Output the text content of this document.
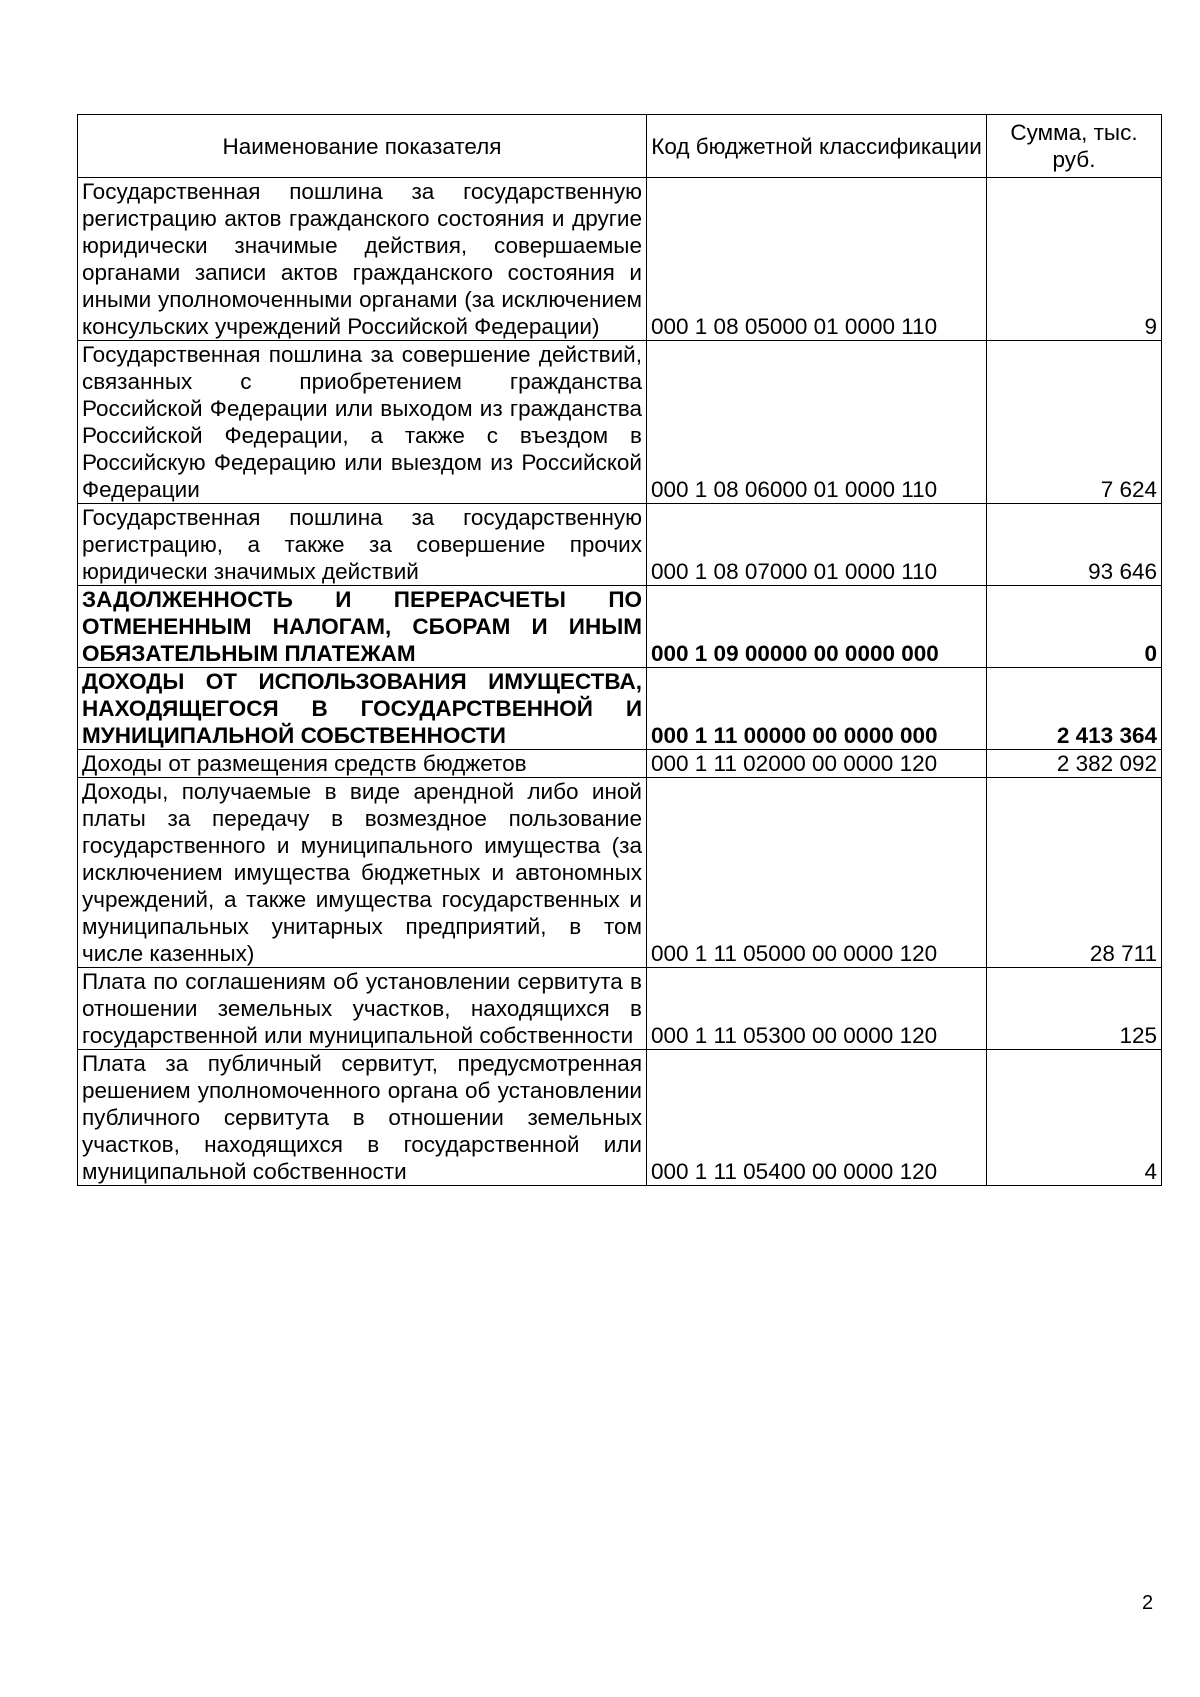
Наименование показателя	Код бюджетной классификации	Сумма, тыс. руб.
Государственная пошлина за государственную регистрацию актов гражданского состояния и другие юридически значимые действия, совершаемые органами записи актов гражданского состояния и иными уполномоченными органами (за исключением консульских учреждений Российской Федерации)	000 1 08 05000 01 0000 110	9
Государственная пошлина за совершение действий, связанных с приобретением гражданства Российской Федерации или выходом из гражданства Российской Федерации, а также с въездом в Российскую Федерацию или выездом из Российской Федерации	000 1 08 06000 01 0000 110	7 624
Государственная пошлина за государственную регистрацию, а также за совершение прочих юридически значимых действий	000 1 08 07000 01 0000 110	93 646
ЗАДОЛЖЕННОСТЬ И ПЕРЕРАСЧЕТЫ ПО ОТМЕНЕННЫМ НАЛОГАМ, СБОРАМ И ИНЫМ ОБЯЗАТЕЛЬНЫМ ПЛАТЕЖАМ	000 1 09 00000 00 0000 000	0
ДОХОДЫ ОТ ИСПОЛЬЗОВАНИЯ ИМУЩЕСТВА, НАХОДЯЩЕГОСЯ В ГОСУДАРСТВЕННОЙ И МУНИЦИПАЛЬНОЙ СОБСТВЕННОСТИ	000 1 11 00000 00 0000 000	2 413 364
Доходы от размещения средств бюджетов	000 1 11 02000 00 0000 120	2 382 092
Доходы, получаемые в виде арендной либо иной платы за передачу в возмездное пользование государственного и муниципального имущества (за исключением имущества бюджетных и автономных учреждений, а также имущества государственных и муниципальных унитарных предприятий, в том числе казенных)	000 1 11 05000 00 0000 120	28 711
Плата по соглашениям об установлении сервитута в отношении земельных участков, находящихся в государственной или муниципальной собственности	000 1 11 05300 00 0000 120	125
Плата за публичный сервитут, предусмотренная решением уполномоченного органа об установлении публичного сервитута в отношении земельных участков, находящихся в государственной или муниципальной собственности	000 1 11 05400 00 0000 120	4
2
